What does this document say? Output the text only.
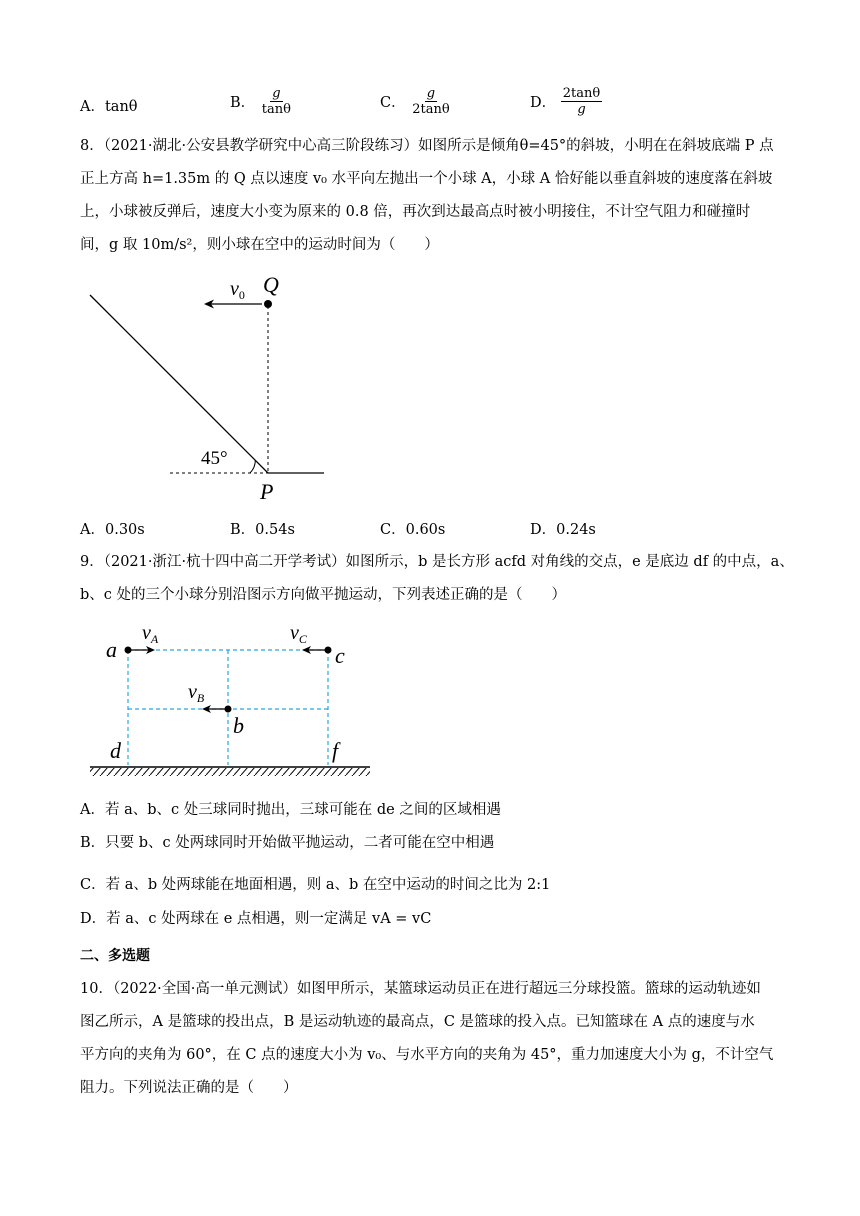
A．tanθ	B． $\frac{g}{\tan\theta}$	C． $\frac{g}{2\tan\theta}$	D． $\frac{2\tan\theta}{g}$
8．（2021·湖北·公安县教学研究中心高三阶段练习）如图所示是倾角θ=45°的斜坡，小明在在斜坡底端 P 点
正上方高 h=1.35m 的 Q 点以速度 v₀ 水平向左抛出一个小球 A，小球 A 恰好能以垂直斜坡的速度落在斜坡
上，小球被反弹后，速度大小变为原来的 0.8 倍，再次到达最高点时被小明接住，不计空气阻力和碰撞时
间，g 取 10m/s²，则小球在空中的运动时间为（　　）
$v_0$ Q
45°
P
A．0.30s	B．0.54s	C．0.60s	D．0.24s
9．（2021·浙江·杭十四中高二开学考试）如图所示，b 是长方形 acfd 对角线的交点，e 是底边 df 的中点，a、
b、c 处的三个小球分别沿图示方向做平抛运动，下列表述正确的是（　　）
a	c
b
d	f
$v_A$	$v_C$
$v_B$
A．若 a、b、c 处三球同时抛出，三球可能在 de 之间的区域相遇
B．只要 b、c 处两球同时开始做平抛运动，二者可能在空中相遇
C．若 a、b 处两球能在地面相遇，则 a、b 在空中运动的时间之比为 2:1
D．若 a、c 处两球在 e 点相遇，则一定满足 vA = vC
二、多选题
10．（2022·全国·高一单元测试）如图甲所示，某篮球运动员正在进行超远三分球投篮。篮球的运动轨迹如
图乙所示，A 是篮球的投出点，B 是运动轨迹的最高点，C 是篮球的投入点。已知篮球在 A 点的速度与水
平方向的夹角为 60°，在 C 点的速度大小为 v₀、与水平方向的夹角为 45°，重力加速度大小为 g，不计空气
阻力。下列说法正确的是（　　）
